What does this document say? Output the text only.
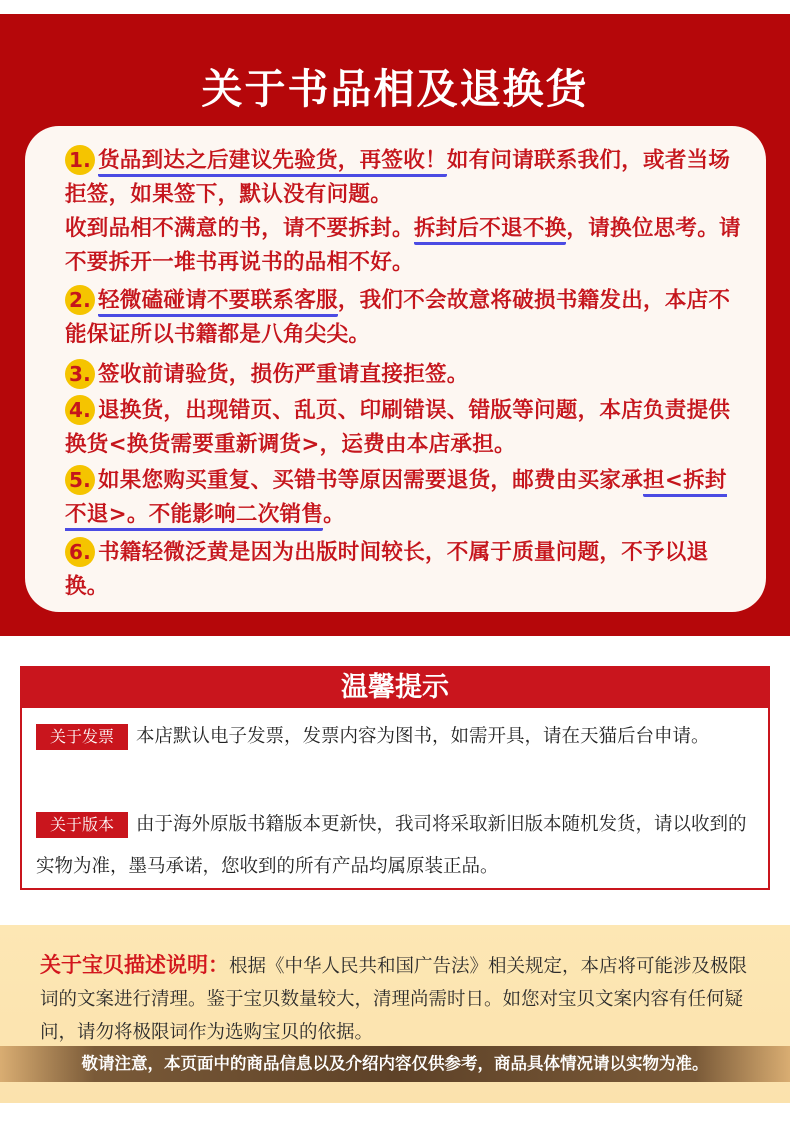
关于书品相及退换货
1. 货品到达之后建议先验货，再签收！如有问请联系我们，或者当场拒签，如果签下，默认没有问题。
收到品相不满意的书，请不要拆封。拆封后不退不换，请换位思考。请不要拆开一堆书再说书的品相不好。
2. 轻微磕碰请不要联系客服，我们不会故意将破损书籍发出，本店不能保证所以书籍都是八角尖尖。
3. 签收前请验货，损伤严重请直接拒签。
4. 退换货，出现错页、乱页、印刷错误、错版等问题，本店负责提供换货<换货需要重新调货>，运费由本店承担。
5. 如果您购买重复、买错书等原因需要退货，邮费由买家承担<拆封不退>。不能影响二次销售。
6. 书籍轻微泛黄是因为出版时间较长，不属于质量问题，不予以退换。
温馨提示
关于发票 本店默认电子发票，发票内容为图书，如需开具，请在天猫后台申请。
关于版本 由于海外原版书籍版本更新快，我司将采取新旧版本随机发货，请以收到的实物为准，墨马承诺，您收到的所有产品均属原装正品。
关于宝贝描述说明：根据《中华人民共和国广告法》相关规定，本店将可能涉及极限词的文案进行清理。鉴于宝贝数量较大，清理尚需时日。如您对宝贝文案内容有任何疑问，请勿将极限词作为选购宝贝的依据。
敬请注意，本页面中的商品信息以及介绍内容仅供参考，商品具体情况请以实物为准。
